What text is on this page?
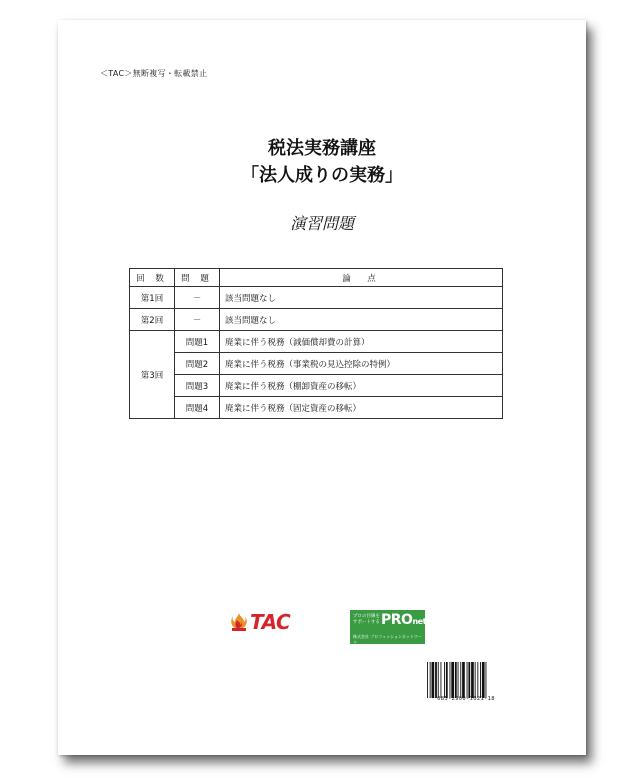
＜TAC＞無断複写・転載禁止
税法実務講座
「法人成りの実務」
演習問題
回 数	問 題	論　点
第1回	－	該当問題なし
第2回	－	該当問題なし
第3回	問題1	廃業に伴う税務（減価償却費の計算）
	問題2	廃業に伴う税務（事業税の見込控除の特例）
	問題3	廃業に伴う税務（棚卸資産の移転）
	問題4	廃業に伴う税務（固定資産の移転）
TAC	プロの目線を
サポートする PROnet
株式会社 プロフェッションネットワーク
085-2900-1021-18
